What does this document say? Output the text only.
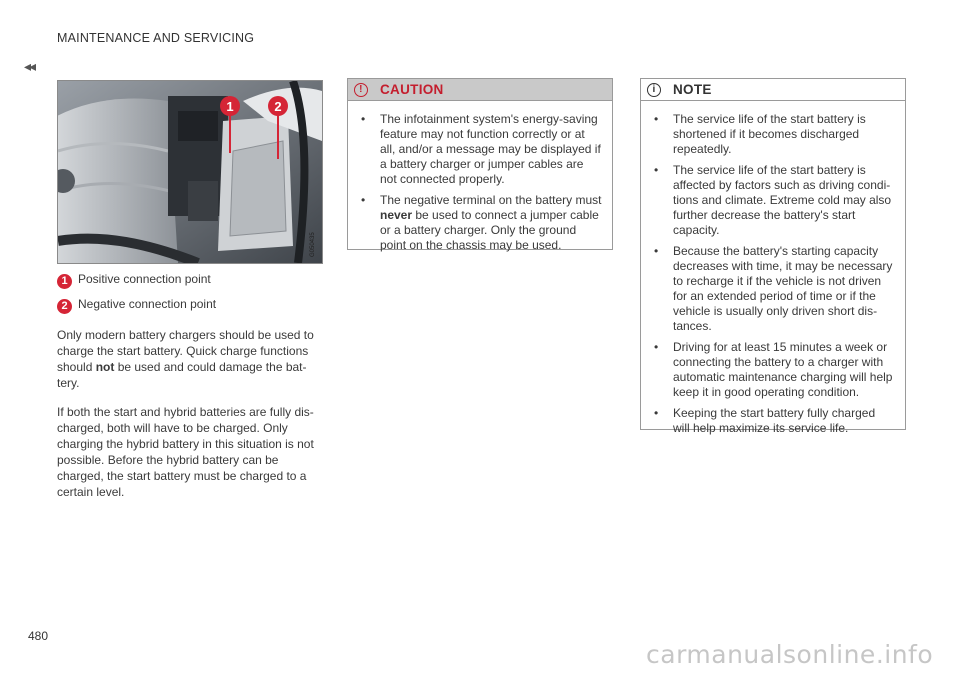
MAINTENANCE AND SERVICING
◂◂
1	2
G050435
1 Positive connection point
2 Negative connection point

Only modern battery chargers should be used to charge the start battery. Quick charge functions should not be used and could damage the bat-tery.

If both the start and hybrid batteries are fully dis-charged, both will have to be charged. Only charging the hybrid battery in this situation is not possible. Before the hybrid battery can be charged, the start battery must be charged to a certain level.

!	CAUTION
• The infotainment system's energy-saving feature may not function correctly or at all, and/or a message may be displayed if a battery charger or jumper cables are not connected properly.
• The negative terminal on the battery must never be used to connect a jumper cable or a battery charger. Only the ground point on the chassis may be used.
i	NOTE
• The service life of the start battery is shortened if it becomes discharged repeatedly.
• The service life of the start battery is affected by factors such as driving condi-tions and climate. Extreme cold may also further decrease the battery's start capacity.
• Because the battery's starting capacity decreases with time, it may be necessary to recharge it if the vehicle is not driven for an extended period of time or if the vehicle is usually only driven short dis-tances.
• Driving for at least 15 minutes a week or connecting the battery to a charger with automatic maintenance charging will help keep it in good operating condition.
• Keeping the start battery fully charged will help maximize its service life.
480
carmanualsonline.info
